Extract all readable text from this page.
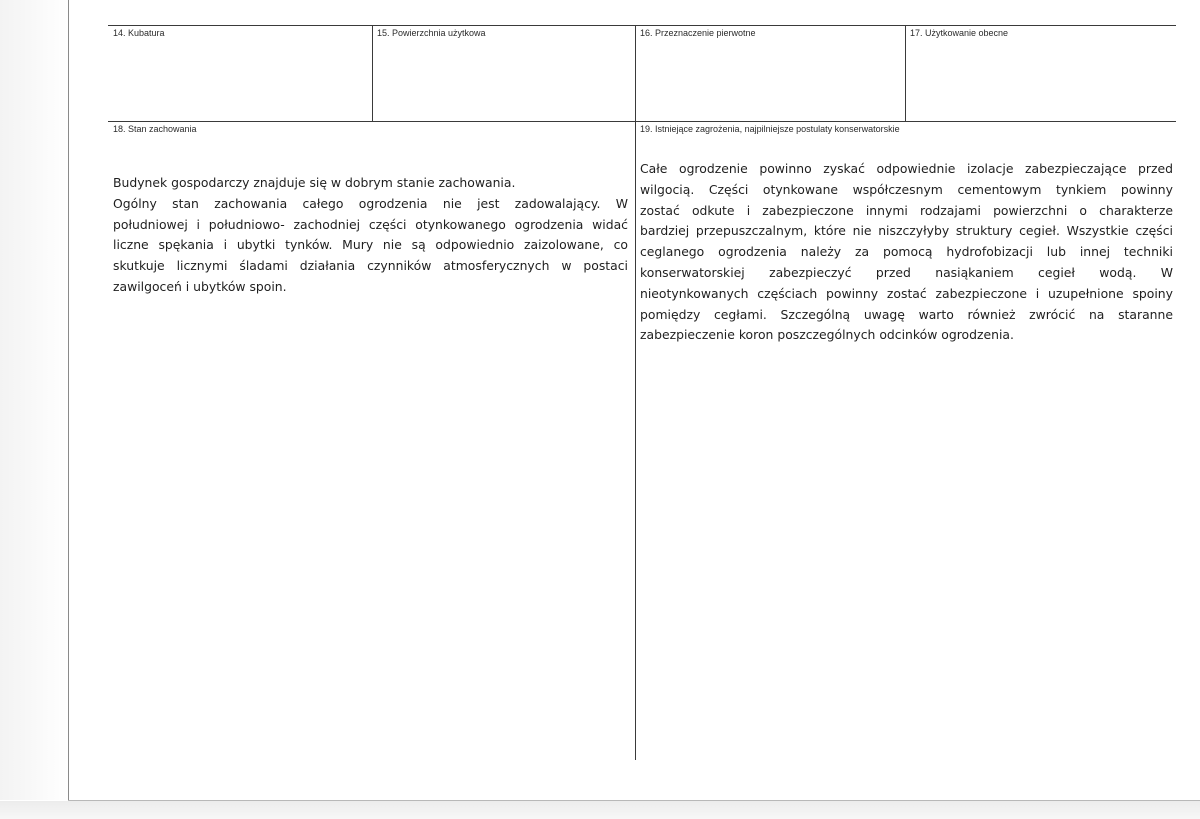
14. Kubatura	15. Powierzchnia użytkowa	16. Przeznaczenie pierwotne	17. Użytkowanie obecne
18. Stan zachowania
Budynek gospodarczy znajduje się w dobrym stanie zachowania.
Ogólny stan zachowania całego ogrodzenia nie jest zadowalający. W
południowej i południowo- zachodniej części otynkowanego ogrodzenia widać
liczne spękania i ubytki tynków. Mury nie są odpowiednio zaizolowane, co
skutkuje licznymi śladami działania czynników atmosferycznych w postaci
zawilgoceń i ubytków spoin.
19. Istniejące zagrożenia, najpilniejsze postulaty konserwatorskie
Całe ogrodzenie powinno zyskać odpowiednie izolacje zabezpieczające przed
wilgocią. Części otynkowane współczesnym cementowym tynkiem powinny
zostać odkute i zabezpieczone innymi rodzajami powierzchni o charakterze
bardziej przepuszczalnym, które nie niszczyłyby struktury cegieł. Wszystkie części
ceglanego ogrodzenia należy za pomocą hydrofobizacji lub innej techniki
konserwatorskiej zabezpieczyć przed nasiąkaniem cegieł wodą. W
nieotynkowanych częściach powinny zostać zabezpieczone i uzupełnione spoiny
pomiędzy cegłami. Szczególną uwagę warto również zwrócić na staranne
zabezpieczenie koron poszczególnych odcinków ogrodzenia.
